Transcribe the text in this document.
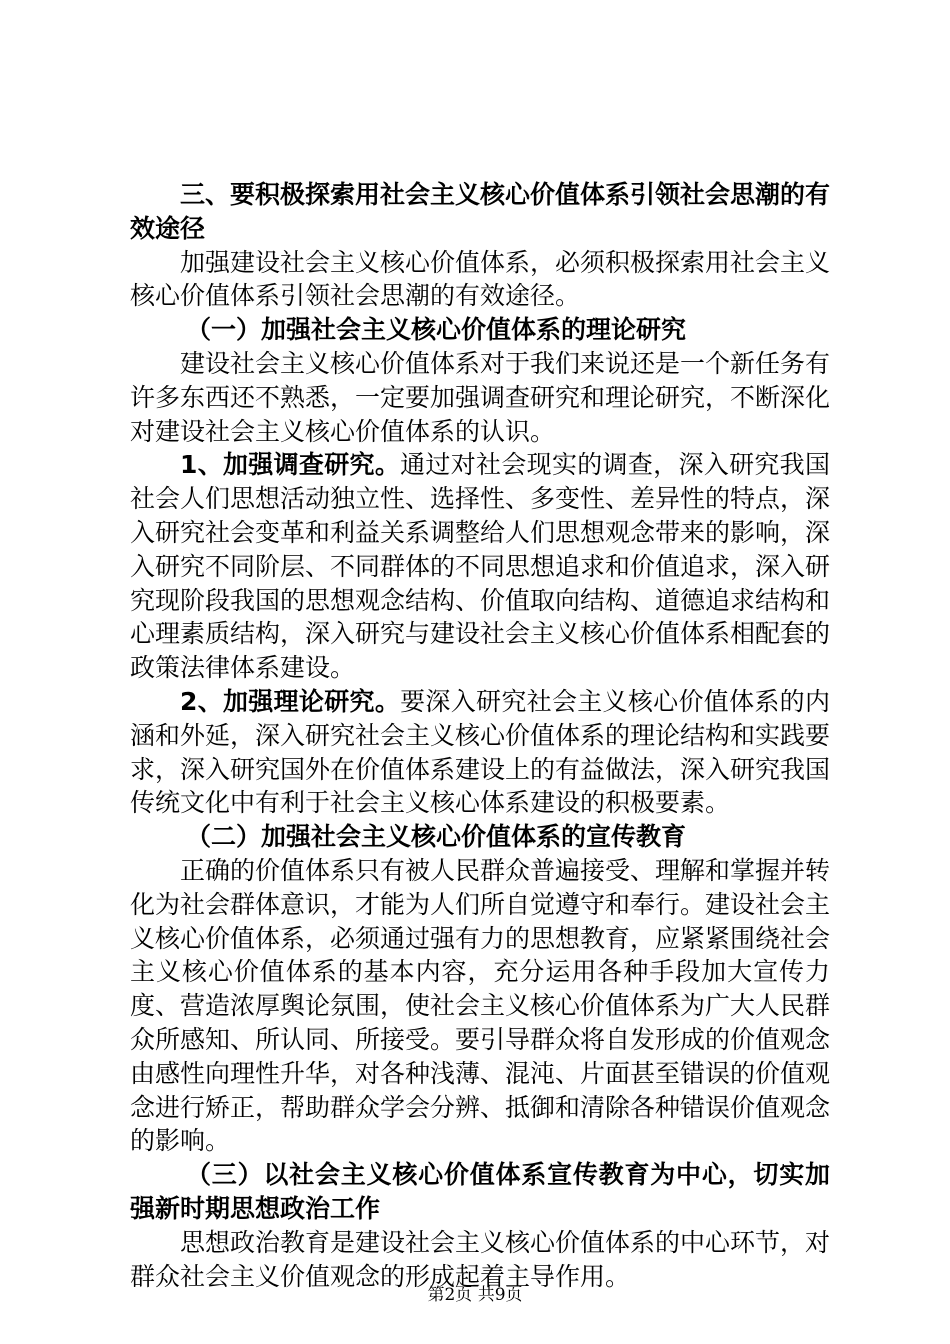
三、要积极探索用社会主义核心价值体系引领社会思潮的有效途径

加强建设社会主义核心价值体系，必须积极探索用社会主义核心价值体系引领社会思潮的有效途径。

（一）加强社会主义核心价值体系的理论研究

建设社会主义核心价值体系对于我们来说还是一个新任务有许多东西还不熟悉，一定要加强调查研究和理论研究，不断深化对建设社会主义核心价值体系的认识。

1、加强调查研究。通过对社会现实的调查，深入研究我国社会人们思想活动独立性、选择性、多变性、差异性的特点，深入研究社会变革和利益关系调整给人们思想观念带来的影响，深入研究不同阶层、不同群体的不同思想追求和价值追求，深入研究现阶段我国的思想观念结构、价值取向结构、道德追求结构和心理素质结构，深入研究与建设社会主义核心价值体系相配套的政策法律体系建设。

2、加强理论研究。要深入研究社会主义核心价值体系的内涵和外延，深入研究社会主义核心价值体系的理论结构和实践要求，深入研究国外在价值体系建设上的有益做法，深入研究我国传统文化中有利于社会主义核心体系建设的积极要素。

（二）加强社会主义核心价值体系的宣传教育

正确的价值体系只有被人民群众普遍接受、理解和掌握并转化为社会群体意识，才能为人们所自觉遵守和奉行。建设社会主义核心价值体系，必须通过强有力的思想教育，应紧紧围绕社会主义核心价值体系的基本内容，充分运用各种手段加大宣传力度、营造浓厚舆论氛围，使社会主义核心价值体系为广大人民群众所感知、所认同、所接受。要引导群众将自发形成的价值观念由感性向理性升华，对各种浅薄、混沌、片面甚至错误的价值观念进行矫正，帮助群众学会分辨、抵御和清除各种错误价值观念的影响。

（三）以社会主义核心价值体系宣传教育为中心，切实加强新时期思想政治工作

思想政治教育是建设社会主义核心价值体系的中心环节，对群众社会主义价值观念的形成起着主导作用。

第2页 共9页
